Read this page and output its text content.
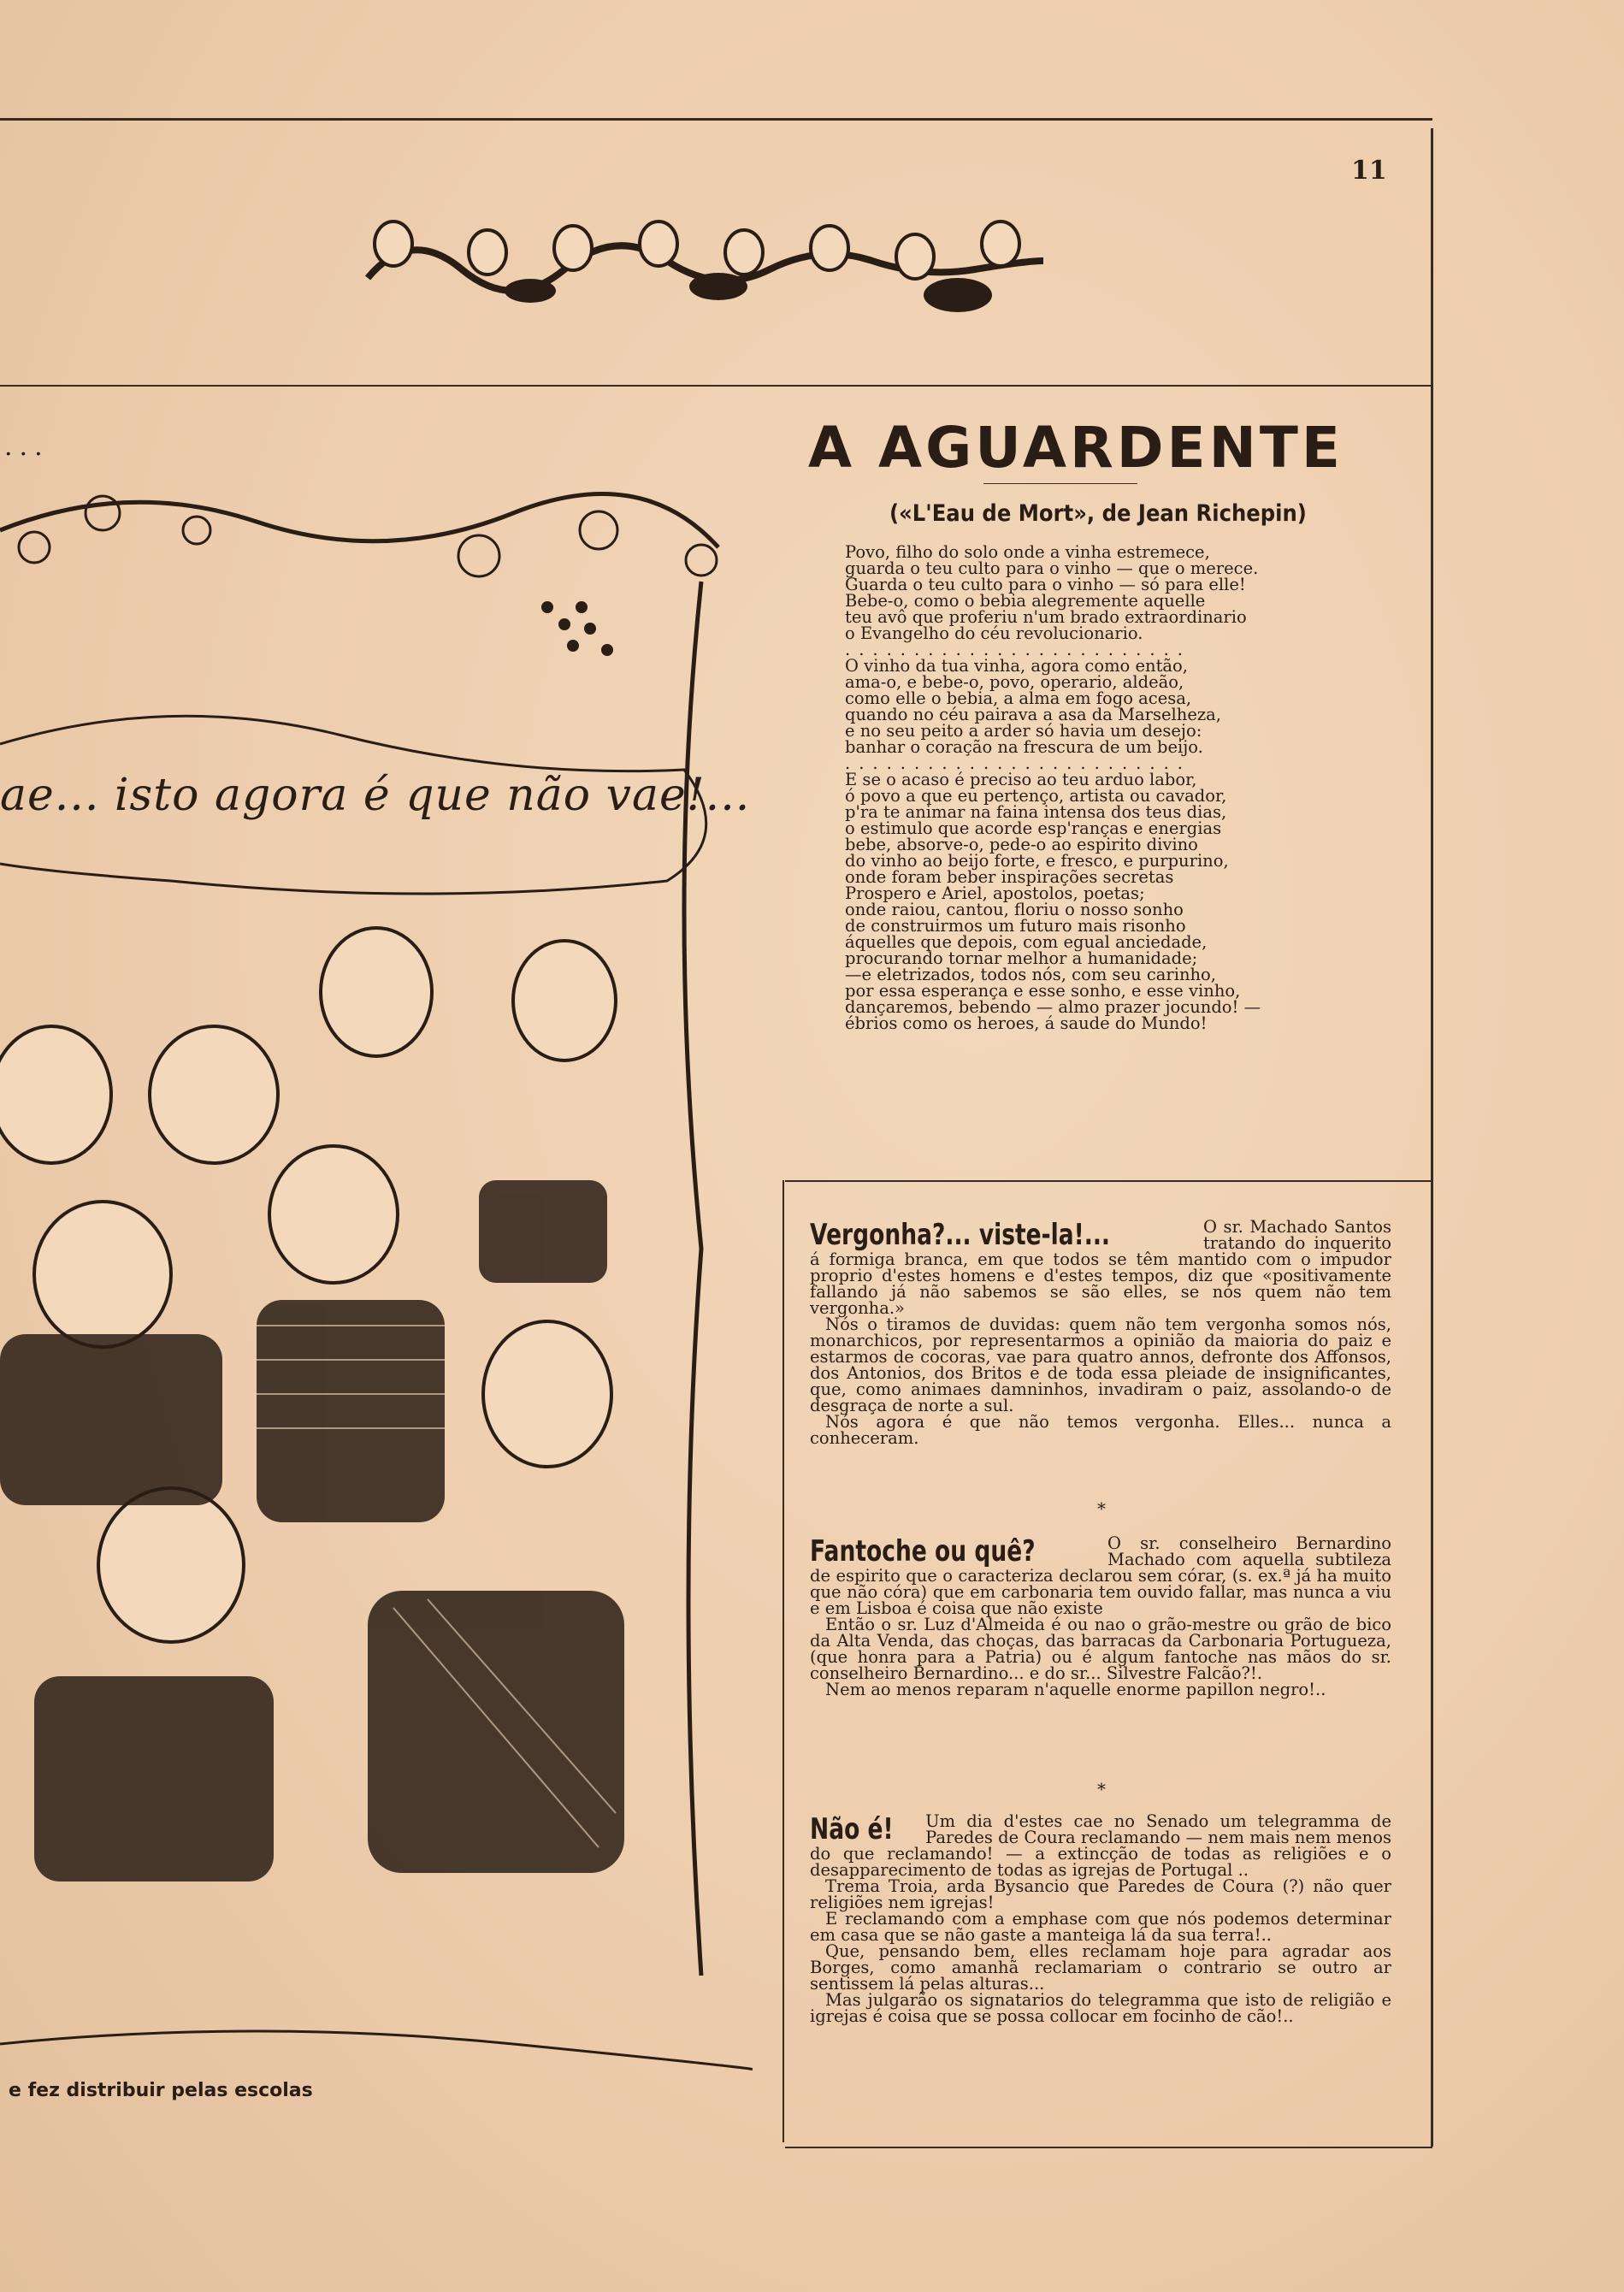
11
...
ae... isto agora é que não vae!...
e fez distribuir pelas escolas
A AGUARDENTE
(«L'Eau de Mort», de Jean Richepin)
Povo, filho do solo onde a vinha estremece,
guarda o teu culto para o vinho — que o merece.
Guarda o teu culto para o vinho — só para elle!
Bebe-o, como o bebia alegremente aquelle
teu avô que proferiu n'um brado extraordinario
o Evangelho do céu revolucionario.
.........................
O vinho da tua vinha, agora como então,
ama-o, e bebe-o, povo, operario, aldeão,
como elle o bebia, a alma em fogo acesa,
quando no céu pairava a asa da Marselheza,
e no seu peito a arder só havia um desejo:
banhar o coração na frescura de um beijo.
.........................
E se o acaso é preciso ao teu arduo labor,
ó povo a que eu pertenço, artista ou cavador,
p'ra te animar na faina intensa dos teus dias,
o estimulo que acorde esp'ranças e energias
bebe, absorve-o, pede-o ao espirito divino
do vinho ao beijo forte, e fresco, e purpurino,
onde foram beber inspirações secretas
Prospero e Ariel, apostolos, poetas;
onde raiou, cantou, floriu o nosso sonho
de construirmos um futuro mais risonho
áquelles que depois, com egual anciedade,
procurando tornar melhor a humanidade;
—e eletrizados, todos nós, com seu carinho,
por essa esperança e esse sonho, e esse vinho,
dançaremos, bebendo — almo prazer jocundo! —
ébrios como os heroes, á saude do Mundo!
Vergonha?... viste-la!...	O sr. Machado Santos tratando do inquerito á formiga branca, em que todos se têm mantido com o impudor proprio d'estes homens e d'estes tempos, diz que «positivamente fallando já não sabemos se são elles, se nós quem não tem vergonha.»

Nós o tiramos de duvidas: quem não tem vergonha somos nós, monarchicos, por representarmos a opinião da maioria do paiz e estarmos de cocoras, vae para quatro annos, defronte dos Affonsos, dos Antonios, dos Britos e de toda essa pleiade de insignificantes, que, como animaes damninhos, invadiram o paiz, assolando-o de desgraça de norte a sul.

Nós agora é que não temos vergonha. Elles... nunca a conheceram.

*
Fantoche ou quê?	O sr. conselheiro Bernardino Machado com aquella subtileza de espirito que o caracteriza declarou sem córar, (s. ex.ª já ha muito que não córa) que em carbonaria tem ouvido fallar, mas nunca a viu e em Lisboa é coisa que não existe

Então o sr. Luz d'Almeida é ou nao o grão-mestre ou grão de bico da Alta Venda, das choças, das barracas da Carbonaria Portugueza, (que honra para a Patria) ou é algum fantoche nas mãos do sr. conselheiro Bernardino... e do sr... Silvestre Falcão?!.

Nem ao menos reparam n'aquelle enorme papillon negro!..

*
Não é!	Um dia d'estes cae no Senado um telegramma de Paredes de Coura reclamando — nem mais nem menos do que reclamando! — a extincção de todas as religiões e o desapparecimento de todas as igrejas de Portugal ..

Trema Troia, arda Bysancio que Paredes de Coura (?) não quer religiões nem igrejas!

E reclamando com a emphase com que nós podemos determinar em casa que se não gaste a manteiga lá da sua terra!..

Que, pensando bem, elles reclamam hoje para agradar aos Borges, como amanhã reclamariam o contrario se outro ar sentissem lá pelas alturas...

Mas julgarão os signatarios do telegramma que isto de religião e igrejas é coisa que se possa collocar em focinho de cão!..
